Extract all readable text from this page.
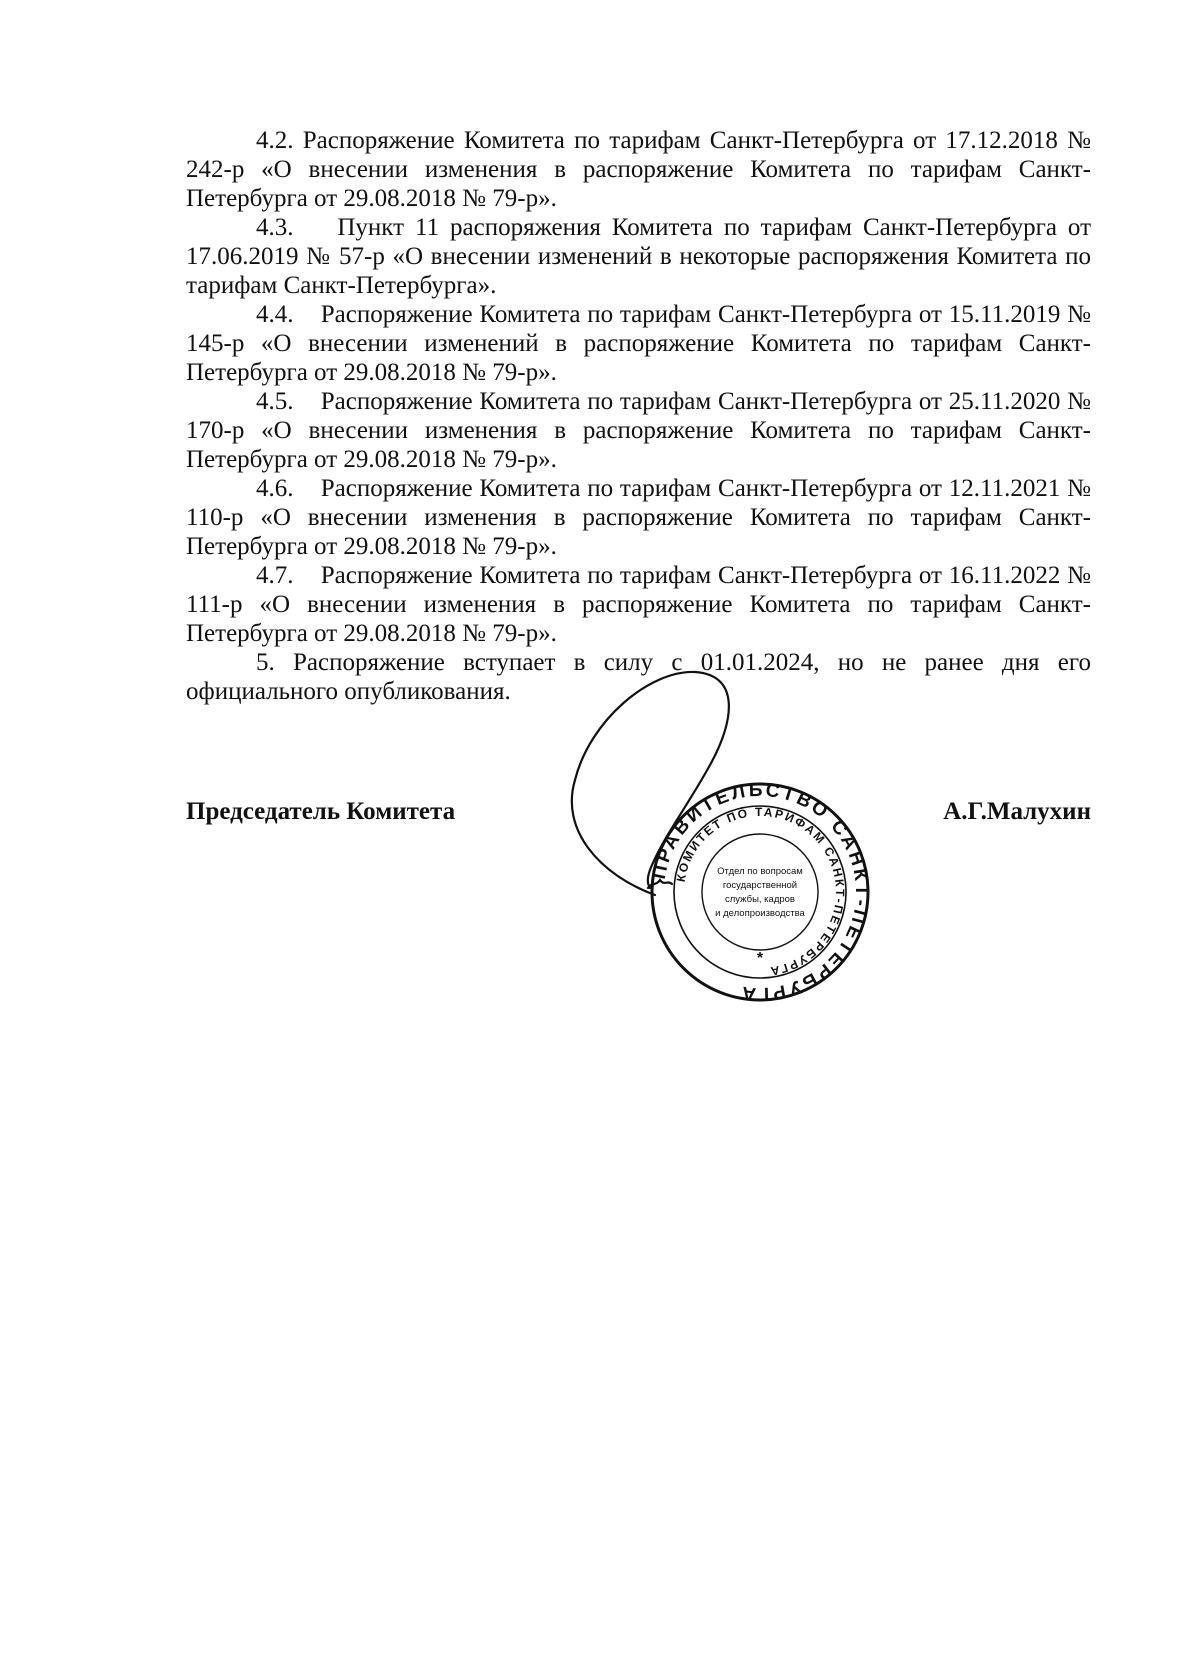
4.2. Распоряжение Комитета по тарифам Санкт-Петербурга от 17.12.2018 № 242-р «О внесении изменения в распоряжение Комитета по тарифам Санкт-Петербурга от 29.08.2018 № 79-р».

4.3. Пункт 11 распоряжения Комитета по тарифам Санкт-Петербурга от 17.06.2019 № 57-р «О внесении изменений в некоторые распоряжения Комитета по тарифам Санкт-Петербурга».

4.4. Распоряжение Комитета по тарифам Санкт-Петербурга от 15.11.2019 № 145-р «О внесении изменений в распоряжение Комитета по тарифам Санкт-Петербурга от 29.08.2018 № 79-р».

4.5. Распоряжение Комитета по тарифам Санкт-Петербурга от 25.11.2020 № 170-р «О внесении изменения в распоряжение Комитета по тарифам Санкт-Петербурга от 29.08.2018 № 79-р».

4.6. Распоряжение Комитета по тарифам Санкт-Петербурга от 12.11.2021 № 110-р «О внесении изменения в распоряжение Комитета по тарифам Санкт-Петербурга от 29.08.2018 № 79-р».

4.7. Распоряжение Комитета по тарифам Санкт-Петербурга от 16.11.2022 № 111-р «О внесении изменения в распоряжение Комитета по тарифам Санкт-Петербурга от 29.08.2018 № 79-р».

5. Распоряжение вступает в силу с 01.01.2024, но не ранее дня его официального опубликования.

Председатель Комитета	А.Г.Малухин
ПРАВИТЕЛЬСТВО САНКТ-ПЕТЕРБУРГА
КОМИТЕТ ПО ТАРИФАМ САНКТ-ПЕТЕРБУРГА
Отдел по вопросам
государственной
службы, кадров
и делопроизводства
*
